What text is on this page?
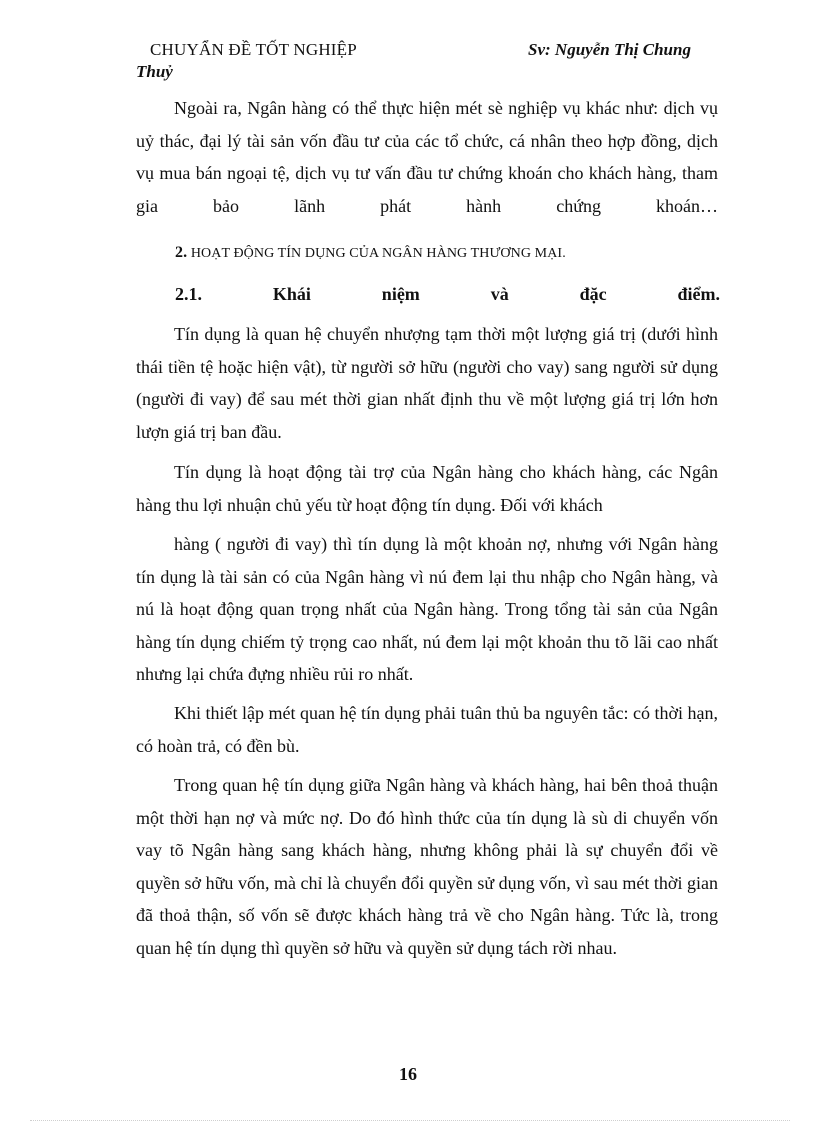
CHUYẨN ĐỀ TỐT NGHIỆP	Sv: Nguyễn Thị Chung
Thuỷ

Ngoài ra, Ngân hàng có thể thực hiện mét sè nghiệp vụ khác như: dịch vụ uỷ thác, đại lý tài sản vốn đầu tư của các tổ chức, cá nhân theo hợp đồng, dịch vụ mua bán ngoại tệ, dịch vụ tư vấn đầu tư chứng khoán cho khách hàng, tham gia bảo lãnh phát hành chứng khoán…

2. HOẠT ĐỘNG TÍN DỤNG CỦA NGÂN HÀNG THƯƠNG MẠI.
2.1. Khái niệm và đặc điểm.

Tín dụng là quan hệ chuyển nhượng tạm thời một lượng giá trị (dưới hình thái tiền tệ hoặc hiện vật), từ người sở hữu (người cho vay) sang người sử dụng (người đi vay) để sau mét thời gian nhất định thu về một lượng giá trị lớn hơn lượn giá trị ban đầu.

Tín dụng là hoạt động tài trợ của Ngân hàng cho khách hàng, các Ngân hàng thu lợi nhuận chủ yếu từ hoạt động tín dụng. Đối với khách

hàng ( người đi vay) thì tín dụng là một khoản nợ, nhưng với Ngân hàng tín dụng là tài sản có của Ngân hàng vì nú đem lại thu nhập cho Ngân hàng, và nú là hoạt động quan trọng nhất của Ngân hàng. Trong tổng tài sản của Ngân hàng tín dụng chiếm tỷ trọng cao nhất, nú đem lại một khoản thu tõ lãi cao nhất nhưng lại chứa đựng nhiều rủi ro nhất.

Khi thiết lập mét quan hệ tín dụng phải tuân thủ ba nguyên tắc: có thời hạn, có hoàn trả, có đền bù.

Trong quan hệ tín dụng giữa Ngân hàng và khách hàng, hai bên thoả thuận một thời hạn nợ và mức nợ. Do đó hình thức của tín dụng là sù di chuyển vốn vay tõ Ngân hàng sang khách hàng, nhưng không phải là sự chuyển đổi về quyền sở hữu vốn, mà chỉ là chuyển đổi quyền sử dụng vốn, vì sau mét thời gian đã thoả thận, số vốn sẽ được khách hàng trả về cho Ngân hàng. Tức là, trong quan hệ tín dụng thì quyền sở hữu và quyền sử dụng tách rời nhau.

16
